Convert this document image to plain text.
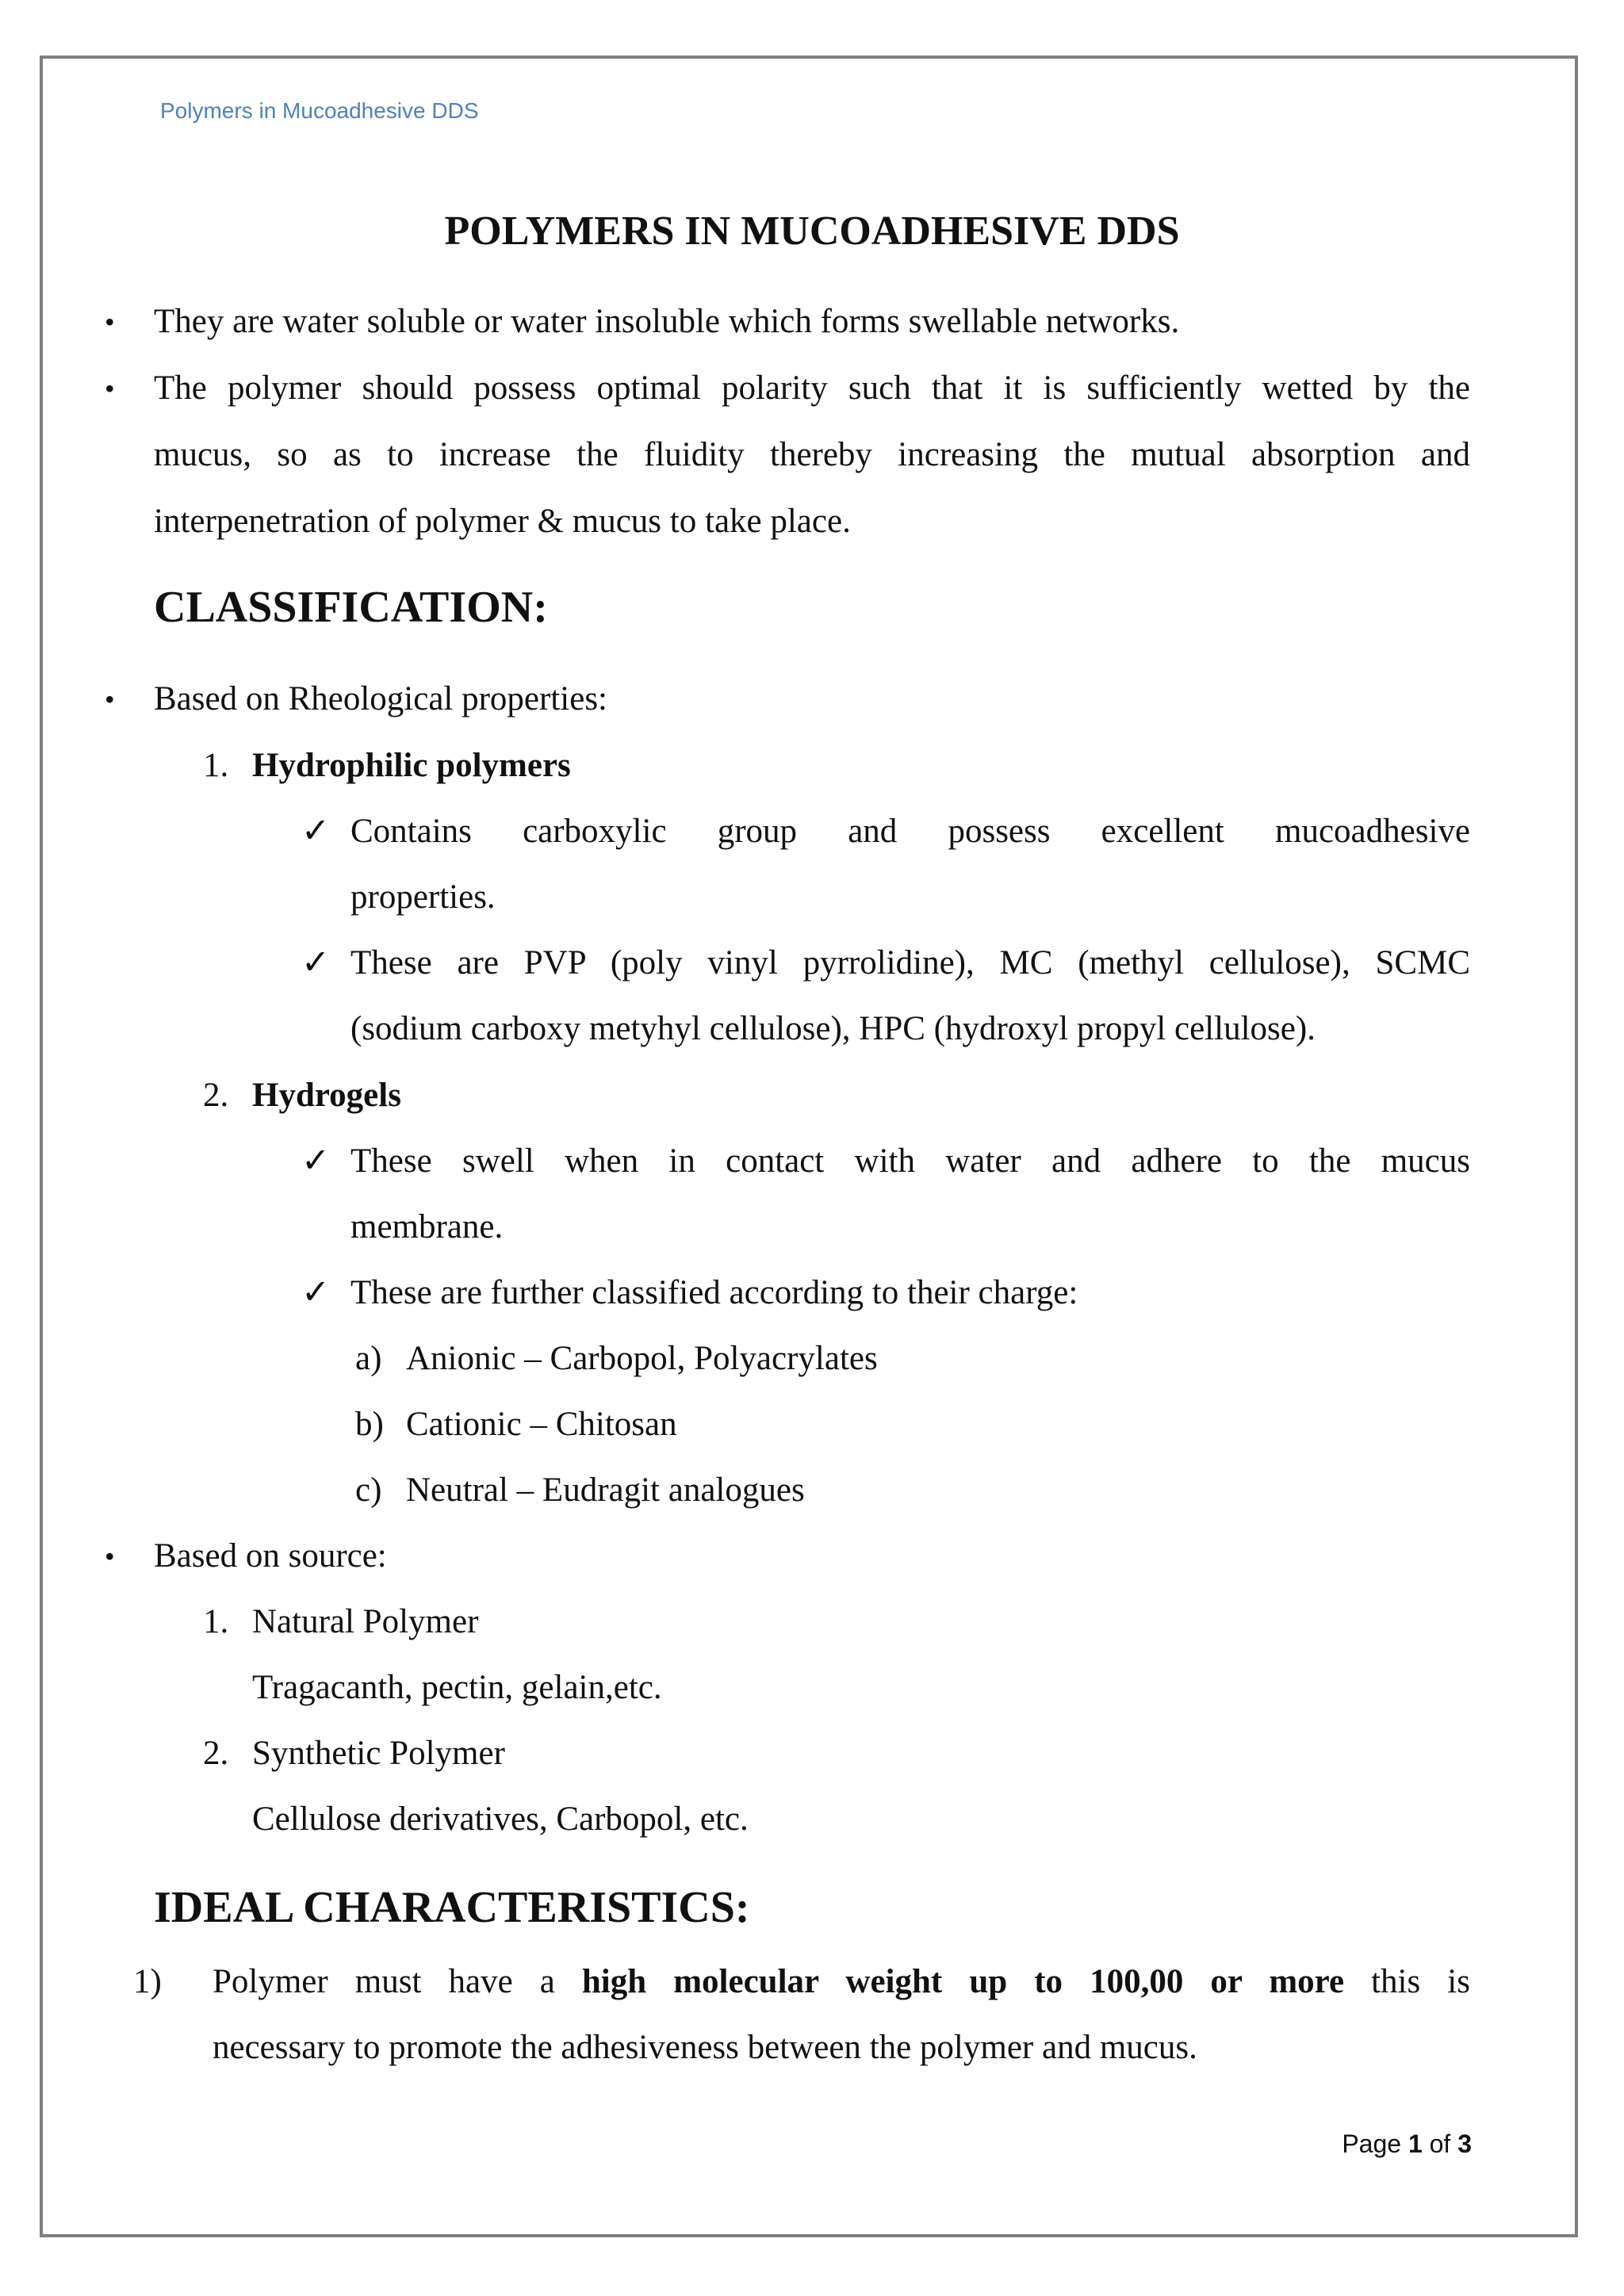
Polymers in Mucoadhesive DDS
POLYMERS IN MUCOADHESIVE DDS
• They are water soluble or water insoluble which forms swellable networks.
• The polymer should possess optimal polarity such that it is sufficiently wetted by the
mucus, so as to increase the fluidity thereby increasing the mutual absorption and
interpenetration of polymer & mucus to take place.
CLASSIFICATION:
• Based on Rheological properties:
1. Hydrophilic polymers
✓ Contains carboxylic group and possess excellent mucoadhesive
properties.
✓ These are PVP (poly vinyl pyrrolidine), MC (methyl cellulose), SCMC
(sodium carboxy metyhyl cellulose), HPC (hydroxyl propyl cellulose).
2. Hydrogels
✓ These swell when in contact with water and adhere to the mucus
membrane.
✓ These are further classified according to their charge:
a) Anionic – Carbopol, Polyacrylates
b) Cationic – Chitosan
c) Neutral – Eudragit analogues
• Based on source:
1. Natural Polymer
Tragacanth, pectin, gelain,etc.
2. Synthetic Polymer
Cellulose derivatives, Carbopol, etc.
IDEAL CHARACTERISTICS:
1) Polymer must have a high molecular weight up to 100,00 or more this is
necessary to promote the adhesiveness between the polymer and mucus.
Page 1 of 3
